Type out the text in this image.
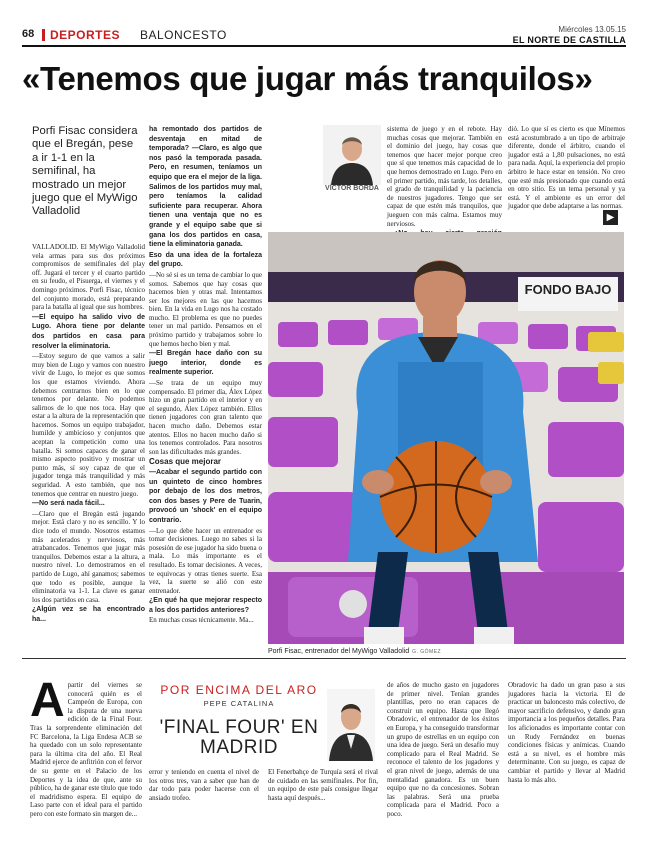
68 DEPORTES BALONCESTO	Miércoles 13.05.15
EL NORTE DE CASTILLA
«Tenemos que jugar más tranquilos»
Porfi Fisac considera que el Bregán, pese a ir 1-1 en la semifinal, ha mostrado un mejor juego que el MyWigo Valladolid

VALLADOLID. El MyWigo Valladolid vela armas para sus dos próximos compromisos de semifinales del play off. Jugará el tercer y el cuarto partido en su feudo, el Pisuerga, el viernes y el domingo próximos. Porfi Fisac, técnico del conjunto morado, está preparando para la batalla al igual que sus hombres.

—El equipo ha salido vivo de Lugo. Ahora tiene por delante dos partidos en casa para resolver la eliminatoria.

—Estoy seguro de que vamos a salir muy bien de Lugo y vamos con nuestro vivir de Lugo, lo mejor es que somos los que estamos viviendo. Ahora debemos centrarnos bien en lo que tenemos por delante. No podemos salirnos de lo que nos toca. Hay que estar a la altura de la representación que hacemos. Somos un equipo trabajador, humilde y ambicioso y conjuntos que aceptan la competición como una batalla. Si somos capaces de ganar el mismo aspecto positivo y mostrar un punto más, sí soy capaz de que el jugador tenga más tranquilidad y más seguridad. A esto también, que nos tenemos que centrar en nuestro juego.

—No será nada fácil...

—Claro que el Bregán está jugando mejor. Está claro y no es sencillo. Y lo dice todo el mundo. Nosotros estamos más acelerados y nerviosos, más atrabancados. Tenemos que jugar más tranquilos. Debemos estar a la altura, a nuestro nivel. Lo demostramos en el partido de Lugo, ahí ganamos; sabemos que todo es posible, aunque la eliminatoria va 1-1. La clave es ganar los dos partidos en casa.

¿Algún vez se ha encontrado ha...

ha remontado dos partidos de desventaja en mitad de temporada? —Claro, es algo que nos pasó la temporada pasada. Pero, en resumen, teníamos un equipo que era el mejor de la liga. Salimos de los partidos muy mal, pero teníamos la calidad suficiente para recuperar. Ahora tienen una ventaja que no es grande y el equipo sabe que si gana los dos partidos en casa, tiene la eliminatoria ganada.

Eso da una idea de la fortaleza del grupo.

—No sé si es un tema de cambiar lo que somos. Sabemos que hay cosas que hacemos bien y otras mal. Intentamos ser los mejores en las que hacemos bien. En la vida en Lugo nos ha costado mucho. El problema es que no puedes tener un mal partido. Pensamos en el próximo partido y trabajamos sobre lo que hemos hecho bien y mal.

—El Bregán hace daño con su juego interior, donde es realmente superior.

—Se trata de un equipo muy compensado. El primer día, Álex López hizo un gran partido en el interior y en el segundo, Álex López también. Ellos tienen jugadores con gran talento que hacen mucho daño. Debemos estar atentos. Ellos no hacen mucho daño si los tenemos controlados. Para nosotros son las dificultades más grandes.

Cosas que mejorar

—Acabar el segundo partido con un quinteto de cinco hombres por debajo de los dos metros, con dos bases y Pere de Tuarin, provocó un 'shock' en el equipo contrario.

—Lo que debe hacer un entrenador es tomar decisiones. Luego no sabes si la posesión de ese jugador ha sido buena o mala. Lo más importante es el resultado. Es tomar decisiones. A veces, te equivocas y otras tienes suerte. Esa vez, la suerte se alió con este entrenador.

¿En qué ha que mejorar respecto a los dos partidos anteriores?

En muchas cosas técnicamente. Ma...

VÍCTOR BORDA

sistema de juego y en el rebote. Hay muchas cosas que mejorar. También en el dominio del juego, hay cosas que tenemos que hacer mejor porque creo que sí que tenemos más capacidad de lo que hemos demostrado en Lugo. Pero en el primer partido, más tarde, los detalles, el grado de tranquilidad y la paciencia de nuestros jugadores. Tengo que ser capaz de que estén más tranquilos, que jueguen con más calma. Estamos muy nerviosos.

dió. Lo que sí es cierto es que Mínemos está acostumbrado a un tipo de arbitraje diferente, donde el árbitro, cuando el jugador está a 1,80 pulsaciones, no está para nada. Aquí, la experiencia del propio árbitro le hace estar en tensión. No creo que esté más presionado que cuando está en otro sitio. Es un tema personal y ya está. Y el ambiente es un error del jugador que debe adaptarse a las normas.

▶
FONDO BAJO
Porfi Fisac, entrenador del MyWigo Valladolid G. GÓMEZ

Apartir del viernes se conocerá quién es el Campeón de Europa, con la disputa de una nueva edición de la Final Four. Tras la sorprendente eliminación del FC Barcelona, la Liga Endesa ACB se ha quedado con un solo representante para la última cita del año. El Real Madrid ejerce de anfitrión con el fervor de su gente en el Palacio de los Deportes y la idea de que, ante su público, ha de ganar este título que todo el madridismo espera. El equipo de Laso parte con el ideal para el partido pero con este formato sin margen de...

POR ENCIMA DEL ARO
PEPE CATALINA
'FINAL FOUR' EN MADRID

error y teniendo en cuenta el nivel de los otros tres, van a saber que han de dar todo para poder hacerse con el ansiado trofeo.

El Fenerbahçe de Turquía será el rival de cuidado en las semifinales. Por fin, un equipo de este país consigue llegar hasta aquí después...

de años de mucho gasto en jugadores de primer nivel. Tenían grandes plantillas, pero no eran capaces de construir un equipo. Hasta que llegó Obradovic, el entrenador de los éxitos en Europa, y ha conseguido transformar un grupo de estrellas en un equipo con una idea de juego. Será un desafío muy complicado para el Real Madrid. Se reconoce el talento de los jugadores y el gran nivel de juego, además de una mentalidad ganadora. Es un buen equipo que no da concesiones. Sobran las palabras. Será una prueba complicada para el Madrid. Poco a poco.

Obradovic ha dado un gran paso a sus jugadores hacia la victoria. El de practicar un baloncesto más colectivo, de mayor sacrificio defensivo, y dando gran importancia a los pequeños detalles. Para los aficionados es importante contar con un Rudy Fernández en buenas condiciones físicas y anímicas. Cuando está a su nivel, es el hombre más determinante. Con su juego, es capaz de cambiar el partido y llevar al Madrid hasta lo más alto.
